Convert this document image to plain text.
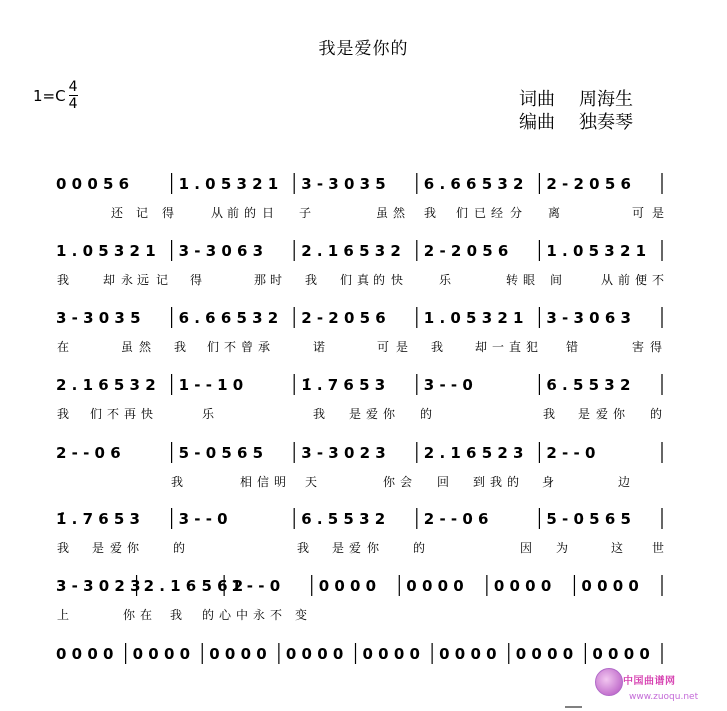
我是爱你的
$1=C \frac{4}{4}$	词曲 周海生
编曲 独奏琴
0 0 0 5 6	1 . 0 5 3 2 1 3 - 3 0 3 5	6 . 6 6 5 3 2 2 - 2 0 5 6
还 记 得	从 前 的 日 子	虽 然 我 们 已 经 分 离	可 是
1 . 0 5 3 2 1 3 - 3 0 6 3	2 . 1 6 5 3 2 2 - 2 0 5 6	1 . 0 5 3 2 1
我	却 永 远 记 得	那 时 我 们 真 的 快	乐	转 眼 间	从 前 便 不
3 - 3 0 3 5	6 . 6 6 5 3 2 2 - 2 0 5 6	1 . 0 5 3 2 1 3 - 3 0 6 3
在	虽 然 我 们 不 曾 承	诺	可 是 我	却 一 直 犯 错	害 得
2 . 1 6 5 3 2 1 - - 1 0	1̇ . 7 6 5 3	3 - - 0	6 . 5 5 3 2
我 们 不 再 快	乐	我 是 爱 你 的	我 是 爱 你 的
2 - - 0 6	5 - 0 5 6 5	3 - 3 0 2 3	2 . 1 6 5 2 3 2 - - 0
我	相 信 明 天	你 会 回 到 我 的 身	边
1̇ . 7 6 5 3	3 - - 0	6 . 5 5 3 2	2 - - 0 6	5 - 0 5 6 5
我 是 爱 你	的	我 是 爱 你	的	因 为	这 世
3 - 3 0 2 3 2 . 1 6 5 6 2
1 - - 0	0 0 0 0 0 0 0 0 0 0 0 0 0 0 0 0
上	你 在 我 的 心 中 永 不 变
0 0 0 0 0 0 0 0 0 0 0 0 0 0 0 0 0 0 0 0 0 0 0 0 0 0 0 0 0 0 0 0
中国曲谱网
www.zuoqu.net
